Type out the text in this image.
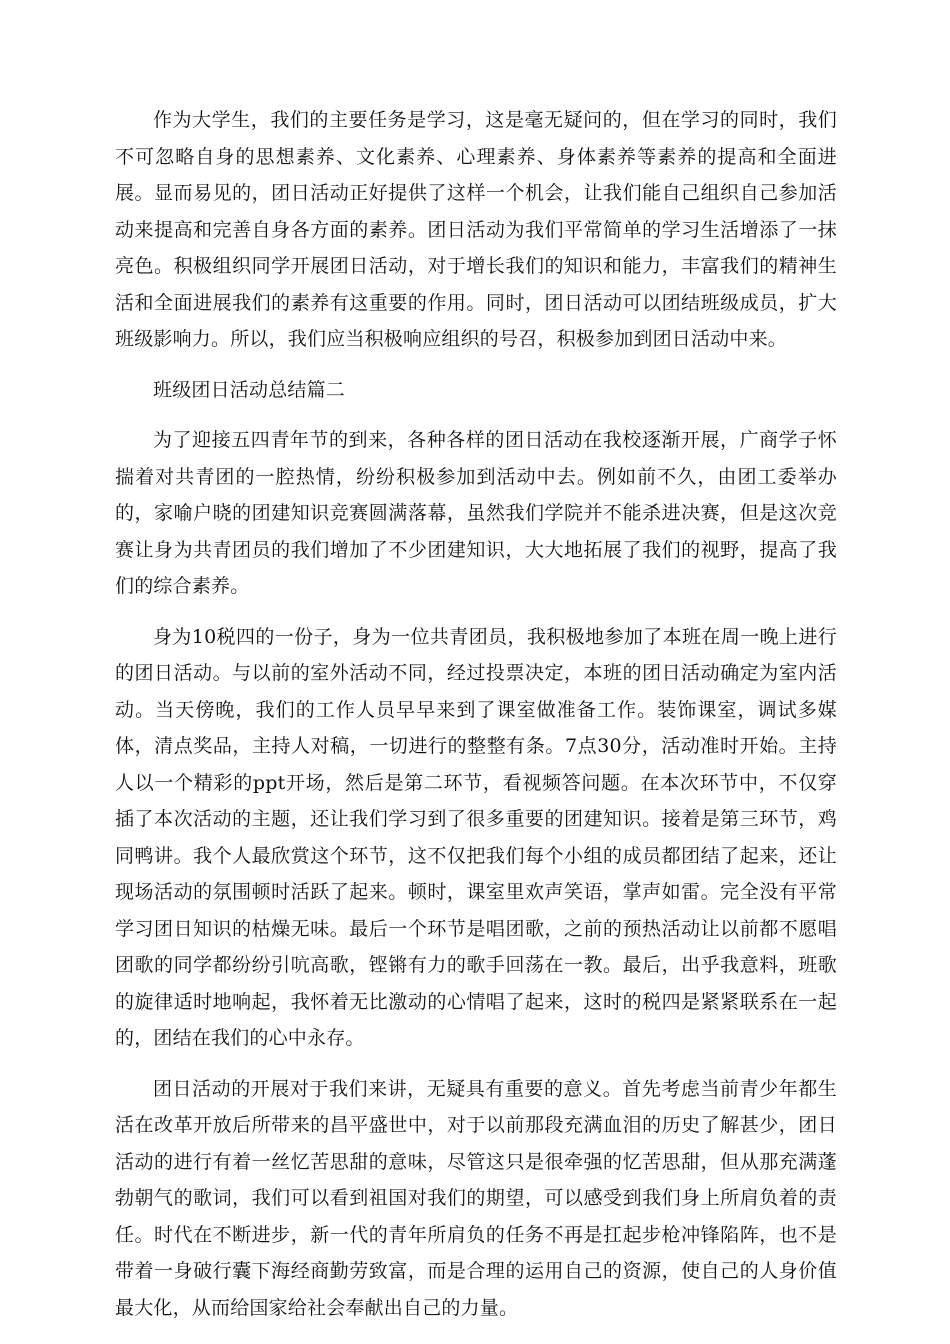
作为大学生，我们的主要任务是学习，这是毫无疑问的，但在学习的同时，我们不可忽略自身的思想素养、文化素养、心理素养、身体素养等素养的提高和全面进展。显而易见的，团日活动正好提供了这样一个机会，让我们能自己组织自己参加活动来提高和完善自身各方面的素养。团日活动为我们平常简单的学习生活增添了一抹亮色。积极组织同学开展团日活动，对于增长我们的知识和能力，丰富我们的精神生活和全面进展我们的素养有这重要的作用。同时，团日活动可以团结班级成员，扩大班级影响力。所以，我们应当积极响应组织的号召，积极参加到团日活动中来。

班级团日活动总结篇二

为了迎接五四青年节的到来，各种各样的团日活动在我校逐渐开展，广商学子怀揣着对共青团的一腔热情，纷纷积极参加到活动中去。例如前不久，由团工委举办的，家喻户晓的团建知识竞赛圆满落幕，虽然我们学院并不能杀进决赛，但是这次竞赛让身为共青团员的我们增加了不少团建知识，大大地拓展了我们的视野，提高了我们的综合素养。

身为10税四的一份子，身为一位共青团员，我积极地参加了本班在周一晚上进行的团日活动。与以前的室外活动不同，经过投票决定，本班的团日活动确定为室内活动。当天傍晚，我们的工作人员早早来到了课室做准备工作。装饰课室，调试多媒体，清点奖品，主持人对稿，一切进行的整整有条。7点30分，活动准时开始。主持人以一个精彩的ppt开场，然后是第二环节，看视频答问题。在本次环节中，不仅穿插了本次活动的主题，还让我们学习到了很多重要的团建知识。接着是第三环节，鸡同鸭讲。我个人最欣赏这个环节，这不仅把我们每个小组的成员都团结了起来，还让现场活动的氛围顿时活跃了起来。顿时，课室里欢声笑语，掌声如雷。完全没有平常学习团日知识的枯燥无味。最后一个环节是唱团歌，之前的预热活动让以前都不愿唱团歌的同学都纷纷引吭高歌，铿锵有力的歌手回荡在一教。最后，出乎我意料，班歌的旋律适时地响起，我怀着无比激动的心情唱了起来，这时的税四是紧紧联系在一起的，团结在我们的心中永存。

团日活动的开展对于我们来讲，无疑具有重要的意义。首先考虑当前青少年都生活在改革开放后所带来的昌平盛世中，对于以前那段充满血泪的历史了解甚少，团日活动的进行有着一丝忆苦思甜的意味，尽管这只是很牵强的忆苦思甜，但从那充满蓬勃朝气的歌词，我们可以看到祖国对我们的期望，可以感受到我们身上所肩负着的责任。时代在不断进步，新一代的青年所肩负的任务不再是扛起步枪冲锋陷阵，也不是带着一身破行囊下海经商勤劳致富，而是合理的运用自己的资源，使自己的人身价值最大化，从而给国家给社会奉献出自己的力量。
